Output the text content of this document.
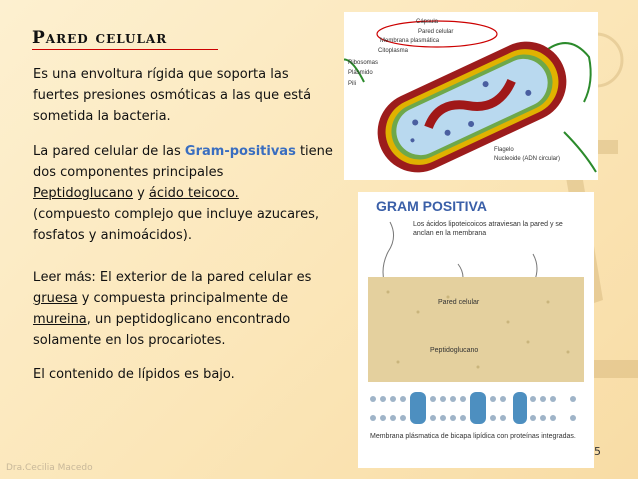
Pared celular
Es una envoltura rígida que soporta las fuertes presiones osmóticas a las que está sometida la bacteria.
La pared celular de las Gram-positivas tiene dos componentes principales
Peptidoglucano y ácido teicoco.
(compuesto complejo que incluye azucares, fosfatos y animoácidos).
Leer más: El exterior de la pared celular es gruesa y compuesta principalmente de mureina, un peptidoglicano encontrado solamente en los procariotes.
El contenido de lípidos es bajo.
Cápsula
Pared celular
Membrana plasmática
Citoplasma
Ribosomas
Plásmido
Pili
Flagelo
Nucleoide (ADN circular)
GRAM POSITIVA
Los ácidos lipoteicoicos atraviesan la pared y se anclan en la membrana
Pared celular
Peptidoglucano
Membrana plásmatica de bicapa lipídica con proteínas integradas.
5
Dra.Cecilia Macedo
